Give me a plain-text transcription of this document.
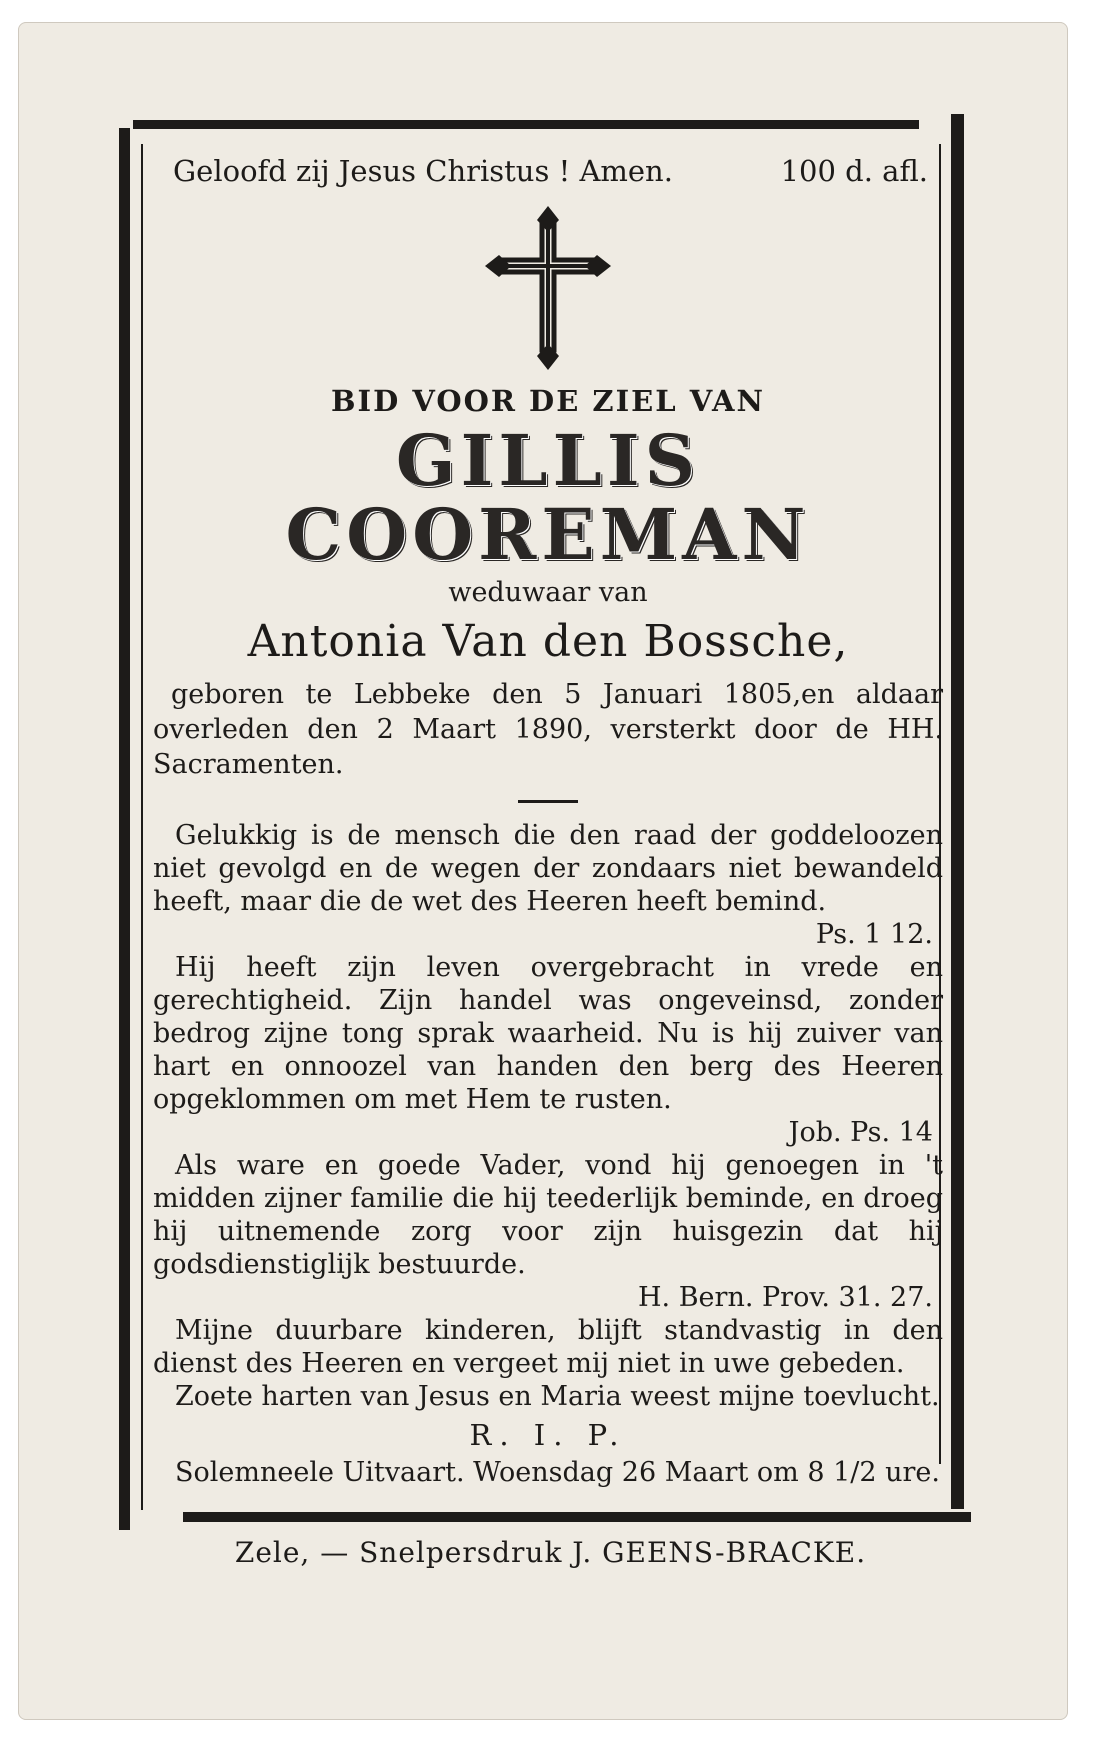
Geloofd zij Jesus Christus ! Amen.	100 d. afl.
BID VOOR DE ZIEL VAN
GILLIS COOREMAN
weduwaar van
Antonia Van den Bossche,
geboren te Lebbeke den 5 Januari 1805,en aldaar overleden den 2 Maart 1890, versterkt door de HH. Sacramenten.
Gelukkig is de mensch die den raad der goddeloozen niet gevolgd en de wegen der zondaars niet bewandeld heeft, maar die de wet des Heeren heeft bemind.
Ps. 1 12.
Hij heeft zijn leven overgebracht in vrede en gerechtigheid. Zijn handel was ongeveinsd, zonder bedrog zijne tong sprak waarheid. Nu is hij zuiver van hart en onnoozel van handen den berg des Heeren opgeklommen om met Hem te rusten.
Job. Ps. 14
Als ware en goede Vader, vond hij genoegen in 't midden zijner familie die hij teederlijk beminde, en droeg hij uitnemende zorg voor zijn huisgezin dat hij godsdienstiglijk bestuurde.
H. Bern. Prov. 31. 27.
Mijne duurbare kinderen, blijft standvastig in den dienst des Heeren en vergeet mij niet in uwe gebeden.
Zoete harten van Jesus en Maria weest mijne toevlucht.
R. I. P.
Solemneele Uitvaart. Woensdag 26 Maart om 8 1/2 ure.
Zele, — Snelpersdruk J. GEENS-BRACKE.
